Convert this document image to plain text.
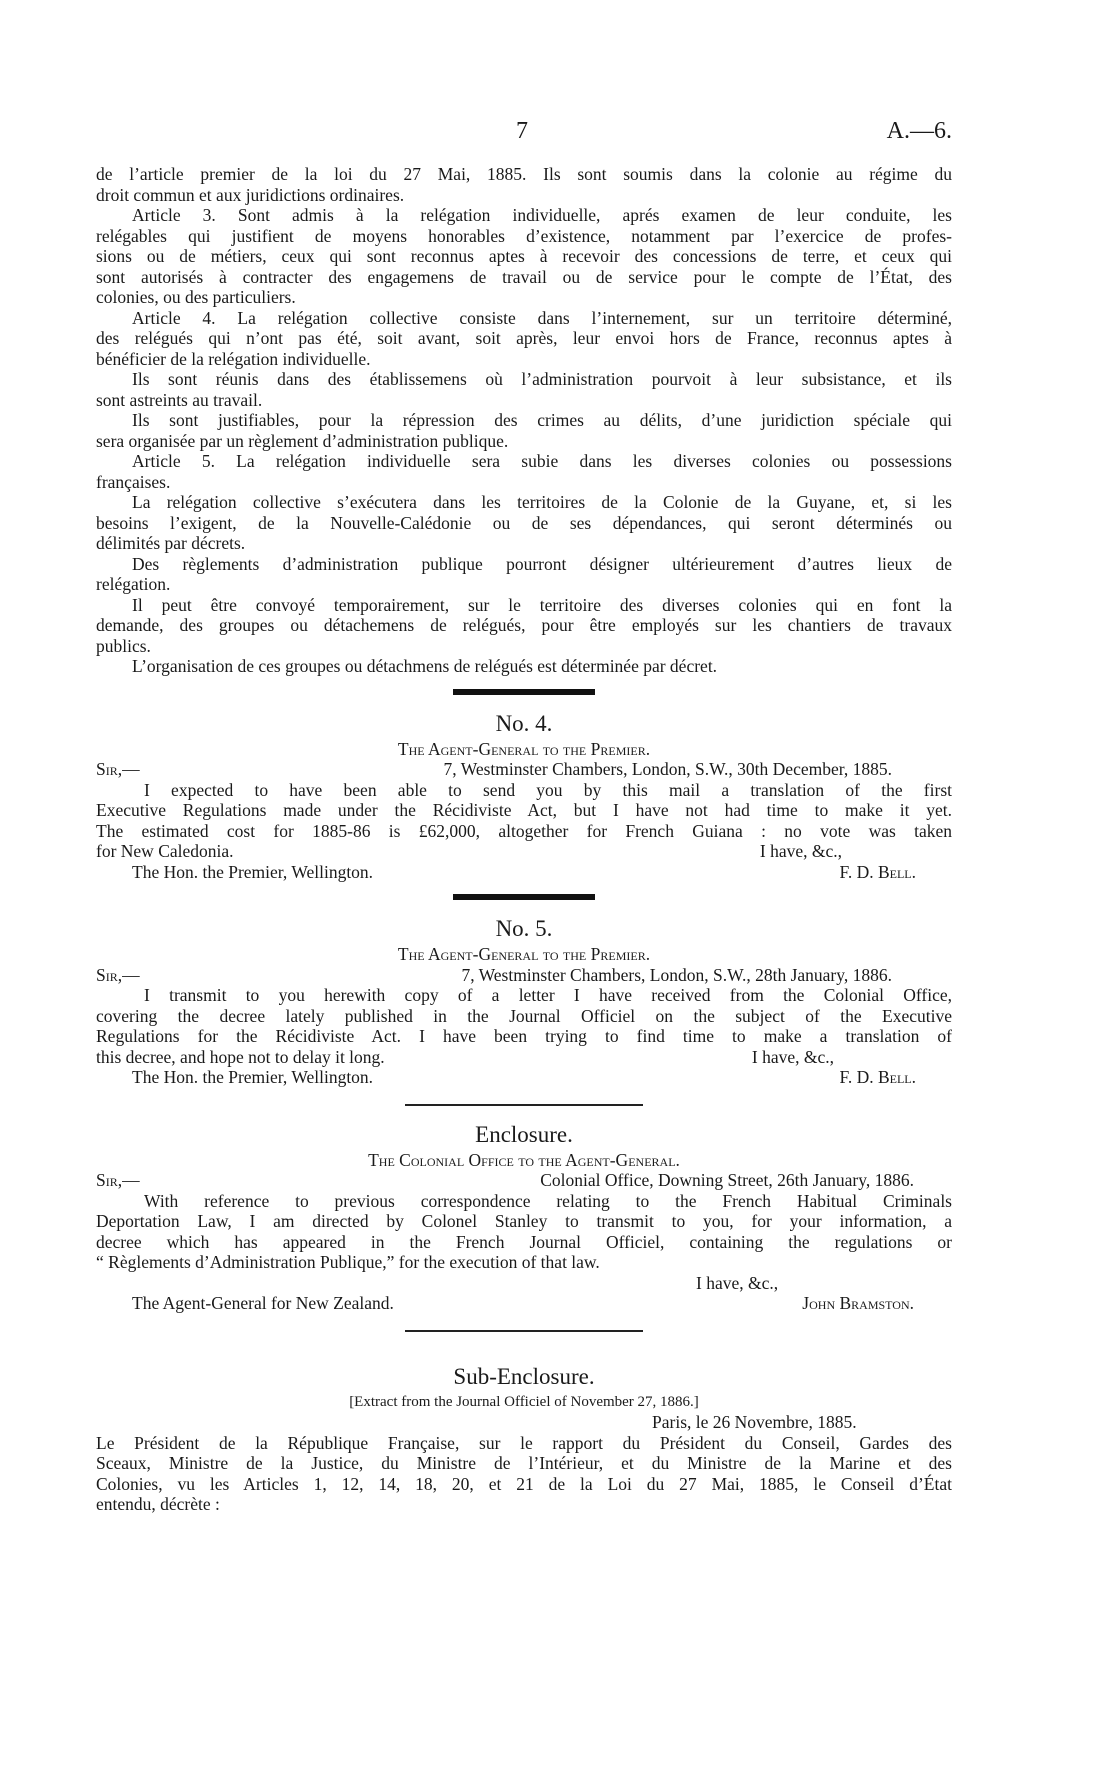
7	A.—6.
de l’article premier de la loi du 27 Mai, 1885. Ils sont soumis dans la colonie au régime du
droit commun et aux juridictions ordinaires.
Article 3. Sont admis à la relégation individuelle, aprés examen de leur conduite, les
relégables qui justifient de moyens honorables d’existence, notamment par l’exercice de profes-
sions ou de métiers, ceux qui sont reconnus aptes à recevoir des concessions de terre, et ceux qui
sont autorisés à contracter des engagemens de travail ou de service pour le compte de l’État, des
colonies, ou des particuliers.
Article 4. La relégation collective consiste dans l’internement, sur un territoire déterminé,
des relégués qui n’ont pas été, soit avant, soit après, leur envoi hors de France, reconnus aptes à
bénéficier de la relégation individuelle.
Ils sont réunis dans des établissemens où l’administration pourvoit à leur subsistance, et ils
sont astreints au travail.
Ils sont justifiables, pour la répression des crimes au délits, d’une juridiction spéciale qui
sera organisée par un règlement d’administration publique.
Article 5. La relégation individuelle sera subie dans les diverses colonies ou possessions
françaises.
La relégation collective s’exécutera dans les territoires de la Colonie de la Guyane, et, si les
besoins l’exigent, de la Nouvelle-Calédonie ou de ses dépendances, qui seront déterminés ou
délimités par décrets.
Des règlements d’administration publique pourront désigner ultérieurement d’autres lieux de
relégation.
Il peut être convoyé temporairement, sur le territoire des diverses colonies qui en font la
demande, des groupes ou détachemens de relégués, pour être employés sur les chantiers de travaux
publics.
L’organisation de ces groupes ou détachmens de relégués est déterminée par décret.
No. 4.
The Agent-General to the Premier.
Sir,—	7, Westminster Chambers, London, S.W., 30th December, 1885.
I expected to have been able to send you by this mail a translation of the first
Executive Regulations made under the Récidiviste Act, but I have not had time to make it yet.
The estimated cost for 1885-86 is £62,000, altogether for French Guiana : no vote was taken
for New Caledonia.	I have, &c.,
The Hon. the Premier, Wellington.	F. D. Bell.
No. 5.
The Agent-General to the Premier.
Sir,—	7, Westminster Chambers, London, S.W., 28th January, 1886.
I transmit to you herewith copy of a letter I have received from the Colonial Office,
covering the decree lately published in the Journal Officiel on the subject of the Executive
Regulations for the Récidiviste Act. I have been trying to find time to make a translation of
this decree, and hope not to delay it long.	I have, &c.,
The Hon. the Premier, Wellington.	F. D. Bell.
Enclosure.
The Colonial Office to the Agent-General.
Sir,—	Colonial Office, Downing Street, 26th January, 1886.
With reference to previous correspondence relating to the French Habitual Criminals
Deportation Law, I am directed by Colonel Stanley to transmit to you, for your information, a
decree which has appeared in the French Journal Officiel, containing the regulations or
“ Règlements d’Administration Publique,” for the execution of that law.
I have, &c.,
The Agent-General for New Zealand.	John Bramston.
Sub-Enclosure.
[Extract from the Journal Officiel of November 27, 1886.]
Paris, le 26 Novembre, 1885.
Le Président de la République Française, sur le rapport du Président du Conseil, Gardes des
Sceaux, Ministre de la Justice, du Ministre de l’Intérieur, et du Ministre de la Marine et des
Colonies, vu les Articles 1, 12, 14, 18, 20, et 21 de la Loi du 27 Mai, 1885, le Conseil d’État
entendu, décrète :
